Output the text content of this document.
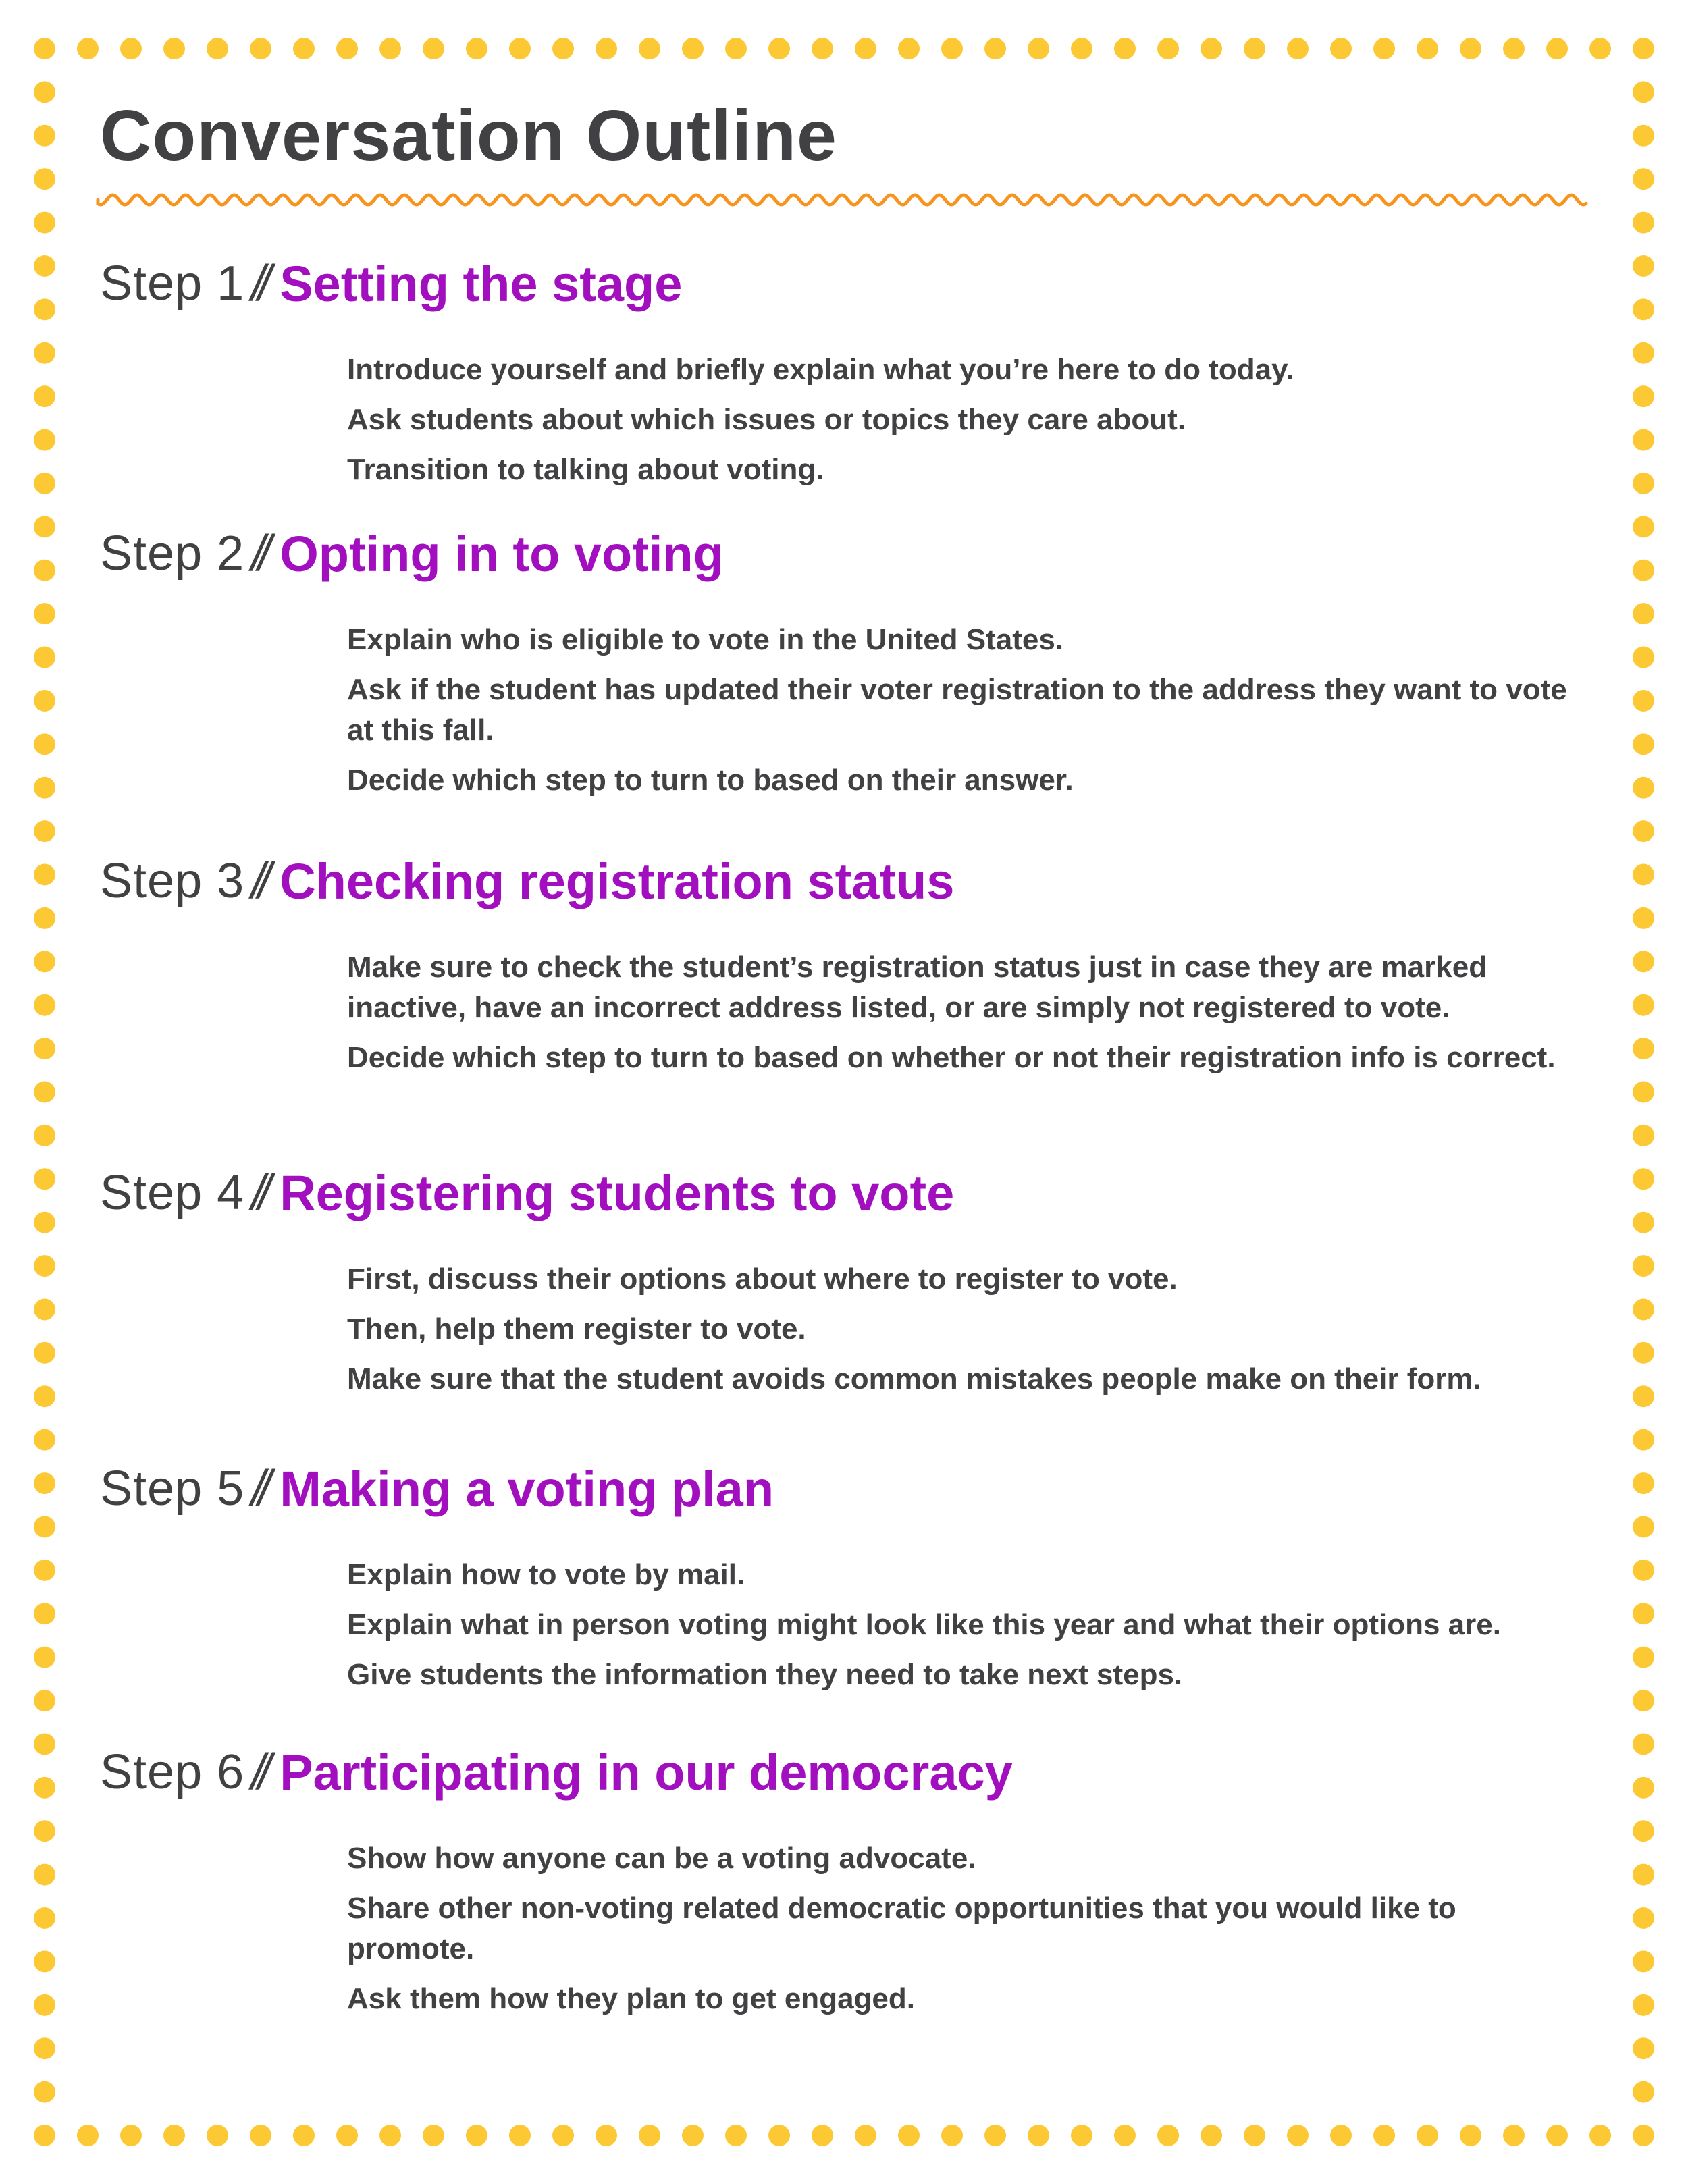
Conversation Outline
Step 1 // Setting the stage
Introduce yourself and briefly explain what you’re here to do today.
Ask students about which issues or topics they care about.
Transition to talking about voting.
Step 2 // Opting in to voting
Explain who is eligible to vote in the United States.
Ask if the student has updated their voter registration to the address they want to vote at this fall.
Decide which step to turn to based on their answer.
Step 3 // Checking registration status
Make sure to check the student’s registration status just in case they are marked inactive, have an incorrect address listed, or are simply not registered to vote.
Decide which step to turn to based on whether or not their registration info is correct.
Step 4 // Registering students to vote
First, discuss their options about where to register to vote.
Then, help them register to vote.
Make sure that the student avoids common mistakes people make on their form.
Step 5 // Making a voting plan
Explain how to vote by mail.
Explain what in person voting might look like this year and what their options are.
Give students the information they need to take next steps.
Step 6 // Participating in our democracy
Show how anyone can be a voting advocate.
Share other non-voting related democratic opportunities that you would like to promote.
Ask them how they plan to get engaged.
